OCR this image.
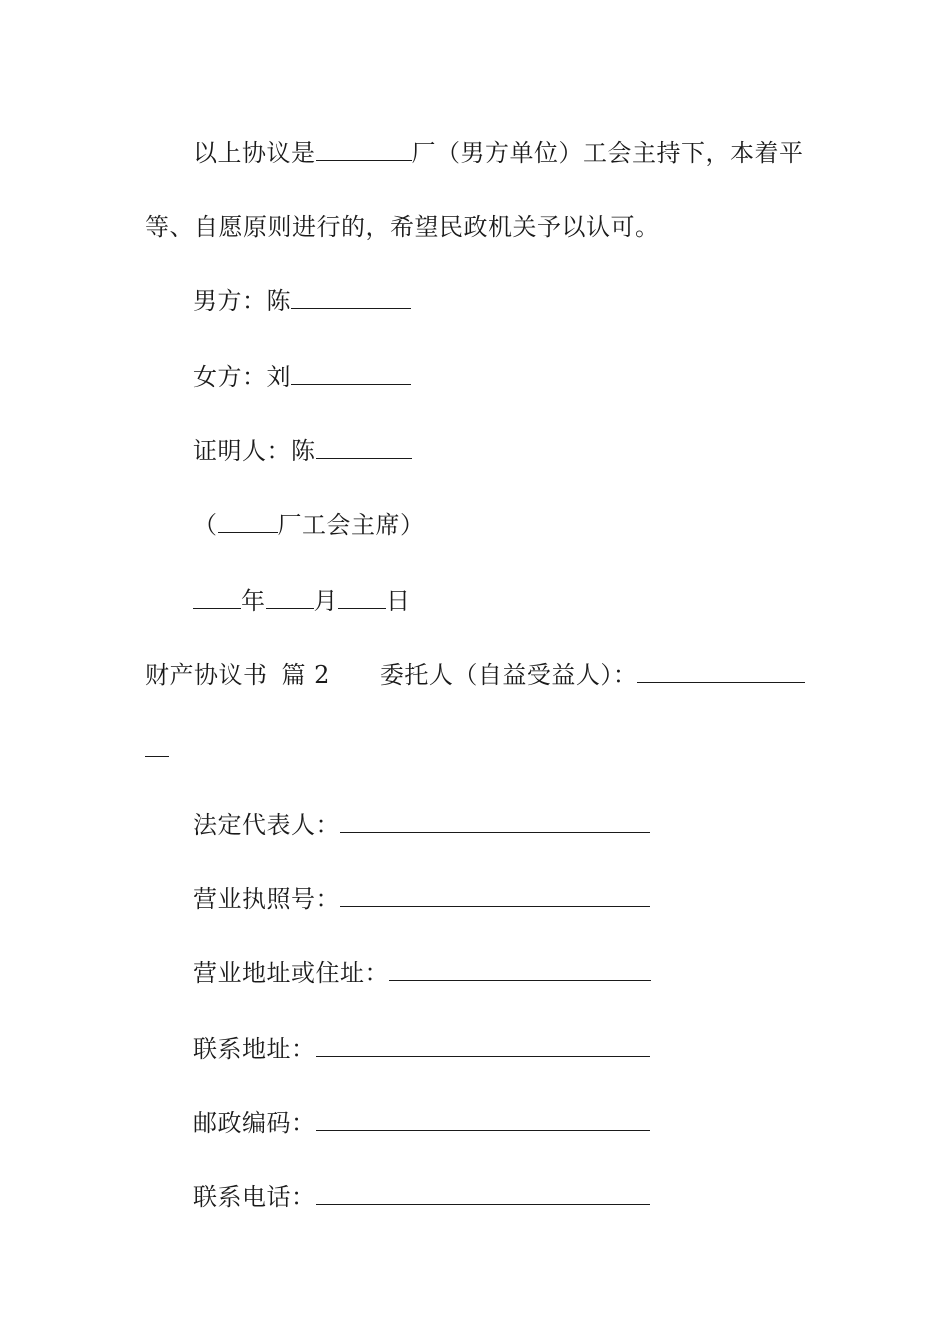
以上协议是	厂（男方单位）工会主持下，本着平
等、自愿原则进行的，希望民政机关予以认可。
男方：陈
女方：刘
证明人：陈
（	厂工会主席）
年 月 日
财产协议书 篇 2 委托人（自益受益人）：
法定代表人：
营业执照号：
营业地址或住址：
联系地址：
邮政编码：
联系电话：
